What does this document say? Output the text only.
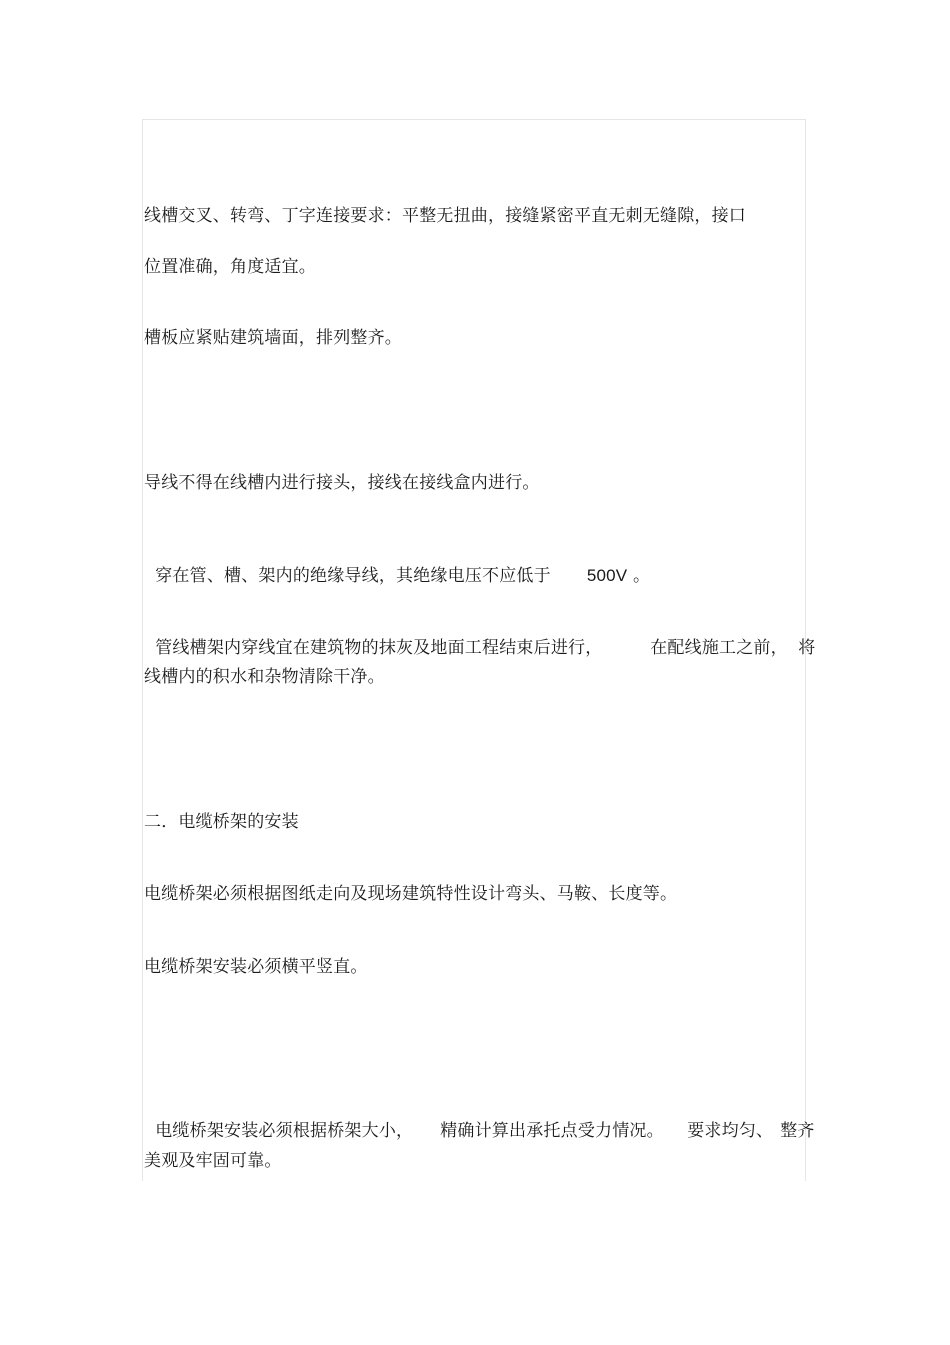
线槽交叉、转弯、丁字连接要求：平整无扭曲，接缝紧密平直无刺无缝隙，接口
位置准确，角度适宜。
槽板应紧贴建筑墙面，排列整齐。
导线不得在线槽内进行接头，接线在接线盒内进行。

穿在管、槽、架内的绝缘导线，其绝缘电压不应低于 500V 。

管线槽架内穿线宜在建筑物的抹灰及地面工程结束后进行，	在配线施工之前， 将

线槽内的积水和杂物清除干净。
二．电缆桥架的安装
电缆桥架必须根据图纸走向及现场建筑特性设计弯头、马鞍、长度等。
电缆桥架安装必须横平竖直。

电缆桥架安装必须根据桥架大小，	精确计算出承托点受力情况。	要求均匀、 整齐

美观及牢固可靠。
